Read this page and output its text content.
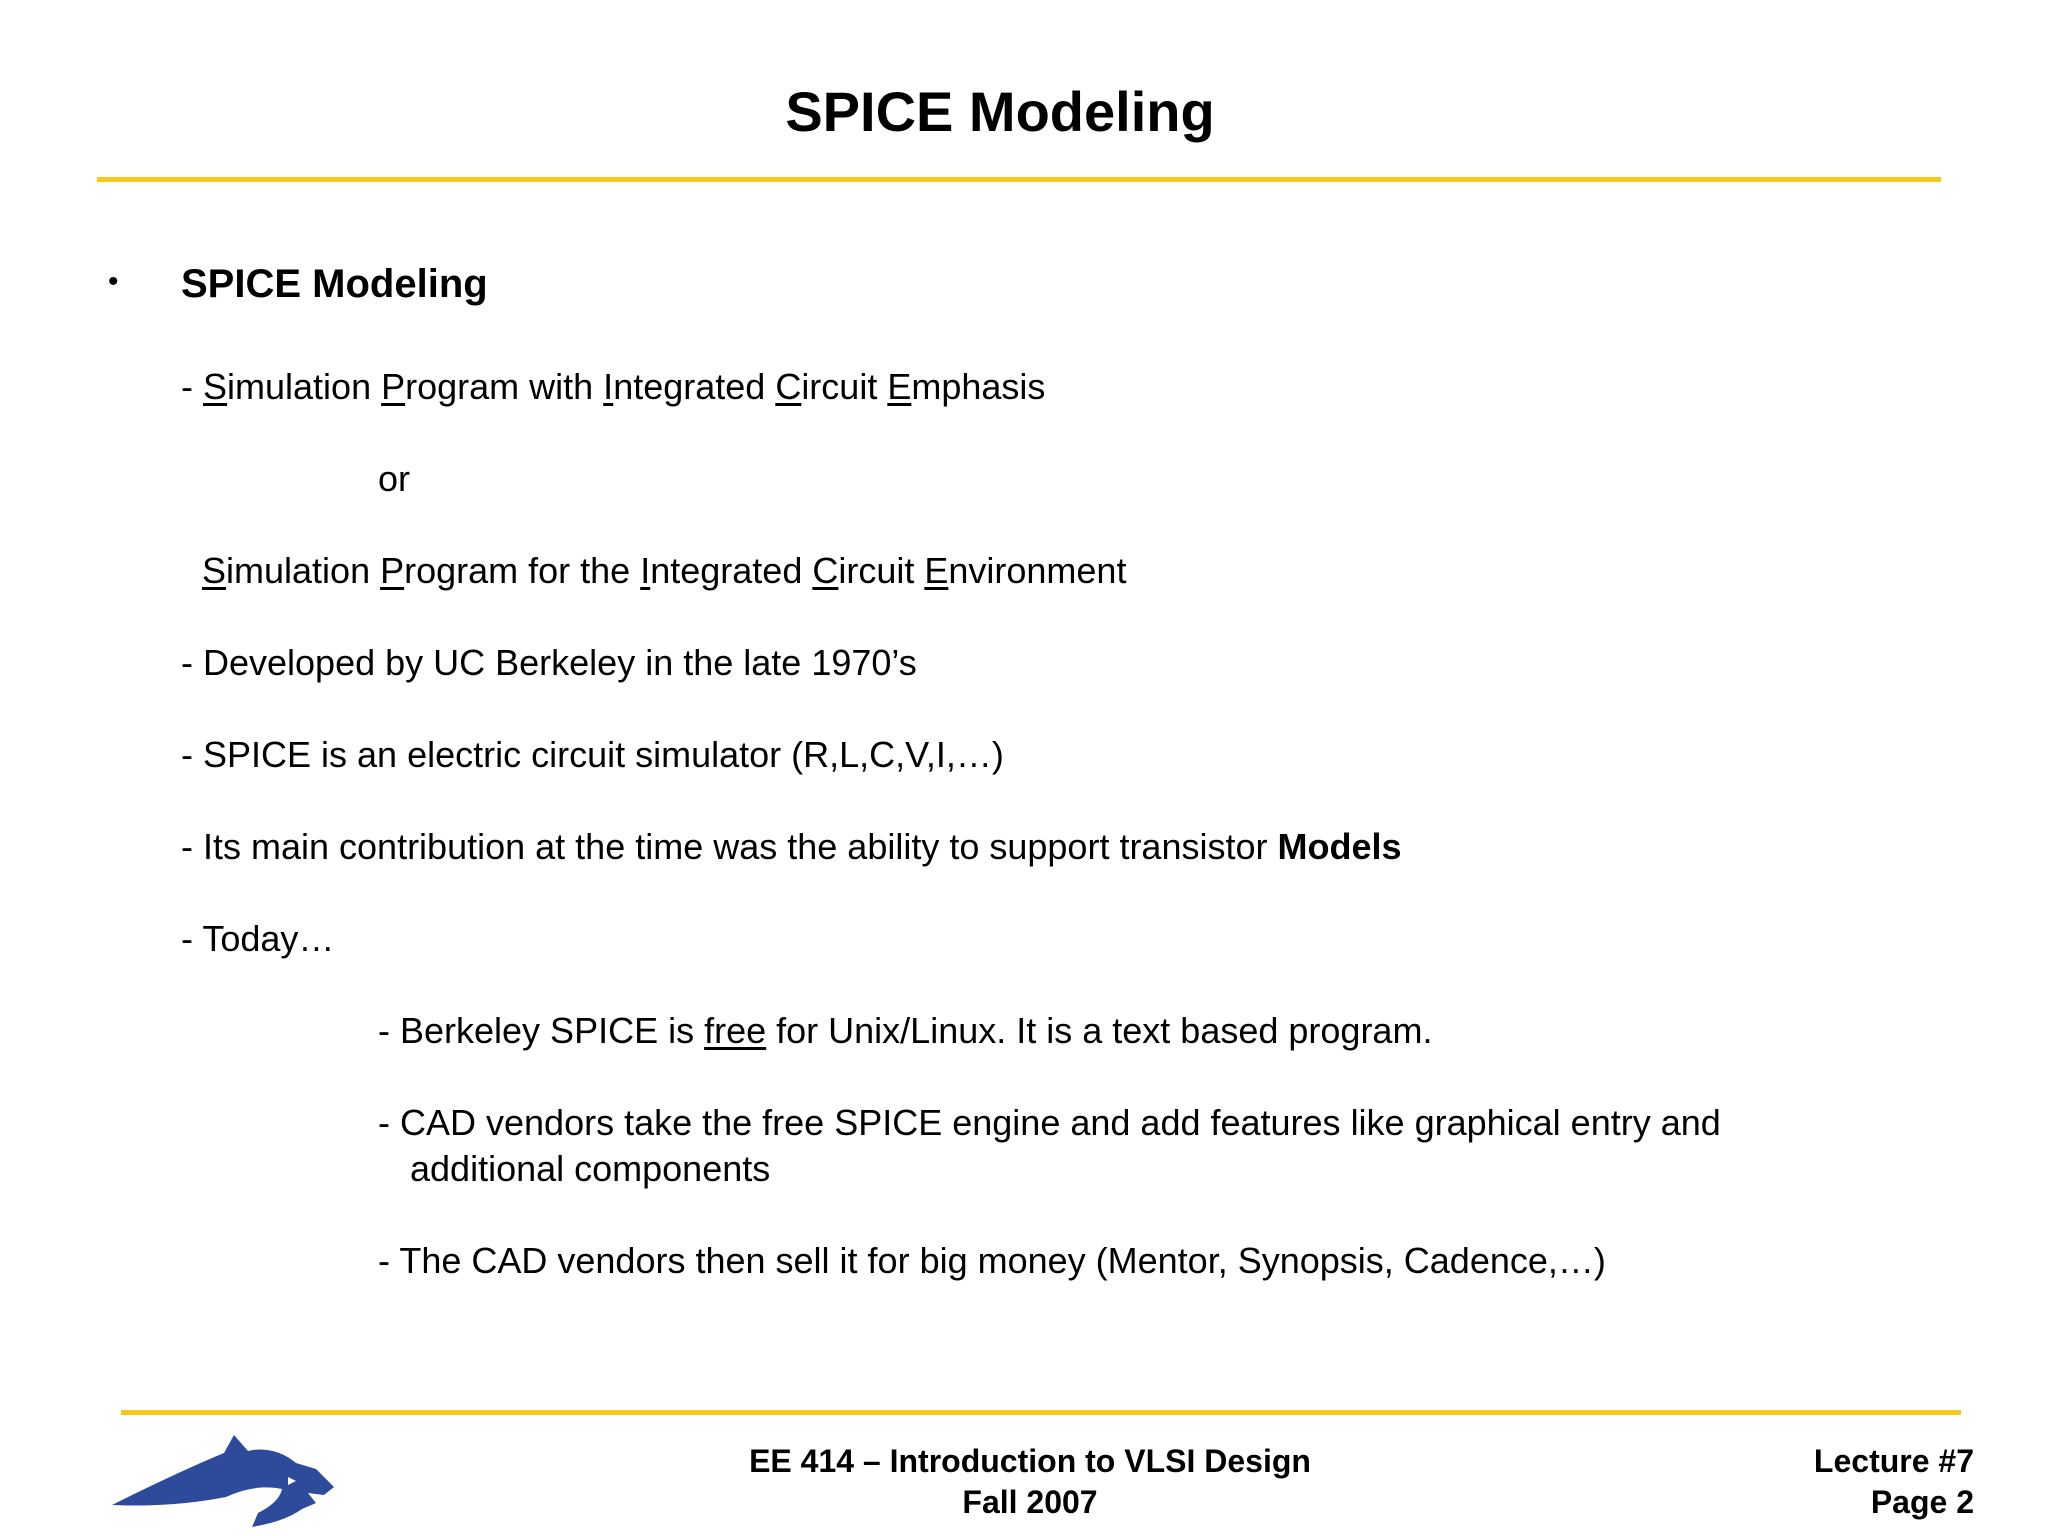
SPICE Modeling
• SPICE Modeling
- Simulation Program with Integrated Circuit Emphasis
or
Simulation Program for the Integrated Circuit Environment
- Developed by UC Berkeley in the late 1970’s
- SPICE is an electric circuit simulator (R,L,C,V,I,…)
- Its main contribution at the time was the ability to support transistor Models
- Today…
- Berkeley SPICE is free for Unix/Linux. It is a text based program.
- CAD vendors take the free SPICE engine and add features like graphical entry and
additional components
- The CAD vendors then sell it for big money (Mentor, Synopsis, Cadence,…)
EE 414 – Introduction to VLSI Design
Fall 2007
Lecture #7
Page 2
